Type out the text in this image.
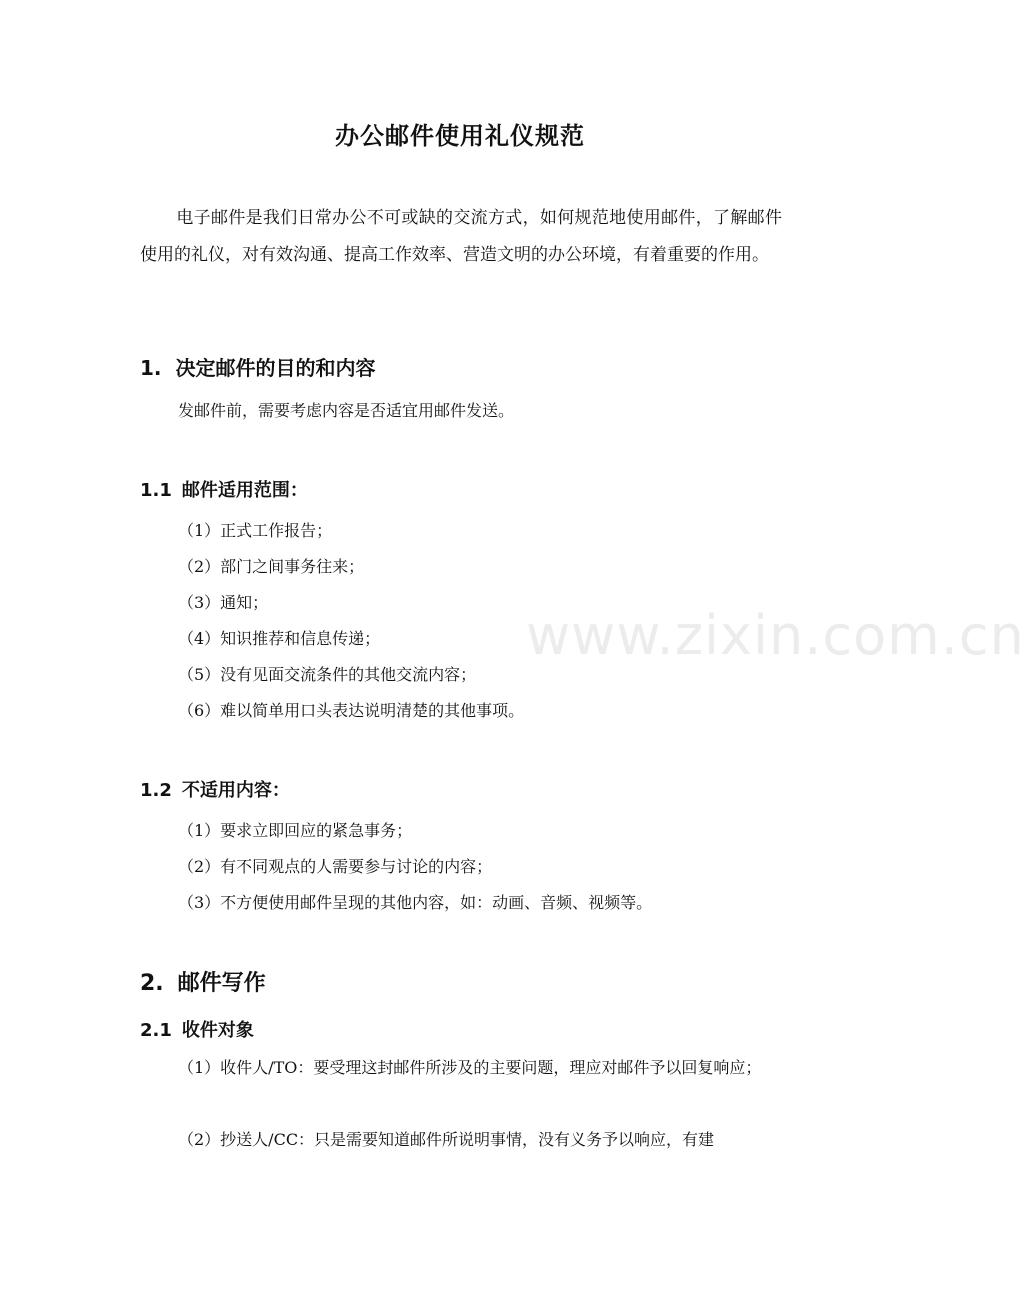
办公邮件使用礼仪规范
电子邮件是我们日常办公不可或缺的交流方式，如何规范地使用邮件，了解邮件使用的礼仪，对有效沟通、提高工作效率、营造文明的办公环境，有着重要的作用。
1. 决定邮件的目的和内容
发邮件前，需要考虑内容是否适宜用邮件发送。
1.1 邮件适用范围：
（1）正式工作报告；
（2）部门之间事务往来；
（3）通知；
（4）知识推荐和信息传递；
（5）没有见面交流条件的其他交流内容；
（6）难以简单用口头表达说明清楚的其他事项。
1.2 不适用内容：
（1）要求立即回应的紧急事务；
（2）有不同观点的人需要参与讨论的内容；
（3）不方便使用邮件呈现的其他内容，如：动画、音频、视频等。
2. 邮件写作
2.1 收件对象
（1）收件人/TO：要受理这封邮件所涉及的主要问题，理应对邮件予以回复响应；
（2）抄送人/CC：只是需要知道邮件所说明事情，没有义务予以响应，有建
www.zixin.com.cn
